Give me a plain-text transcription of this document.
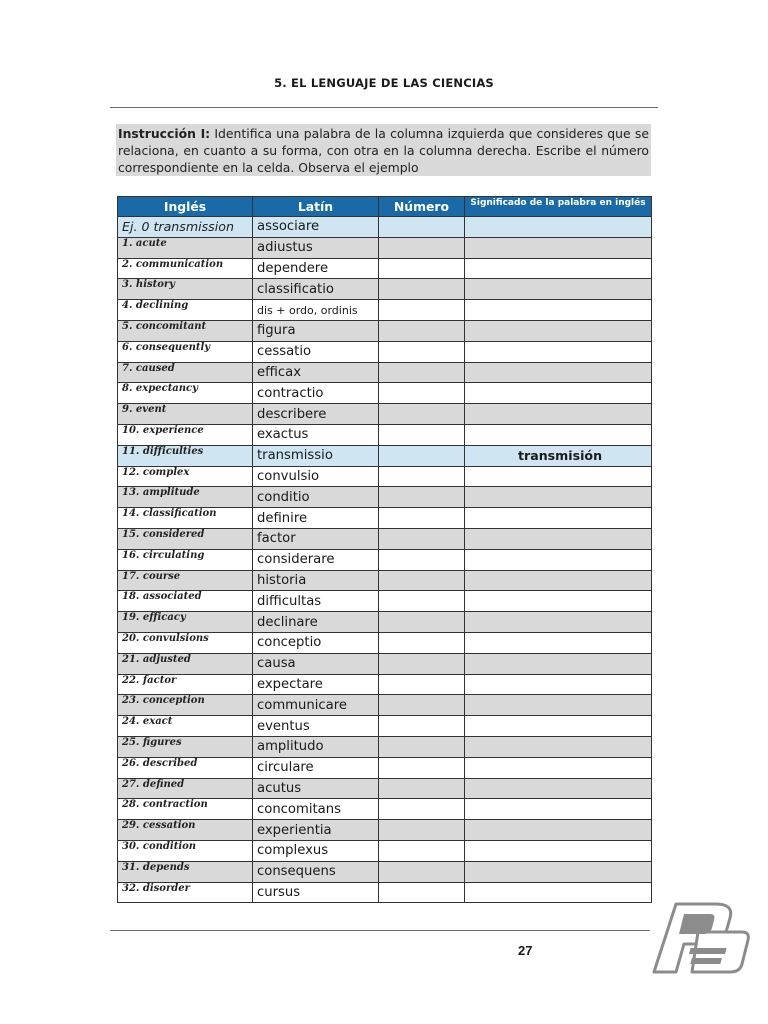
5. EL LENGUAJE DE LAS CIENCIAS
Instrucción I: Identifica una palabra de la columna izquierda que consideres que se relaciona, en cuanto a su forma, con otra en la columna derecha. Escribe el número correspondiente en la celda. Observa el ejemplo
Inglés	Latín	Número	Significado de la palabra en inglés
Ej. 0 transmission	associare		
1. acute	adiustus		
2. communication	dependere		
3. history	classificatio		
4. declining	dis + ordo, ordinis		
5. concomitant	figura		
6. consequently	cessatio		
7. caused	efficax		
8. expectancy	contractio		
9. event	describere		
10. experience	exactus		
11. difficulties	transmissio		transmisión
12. complex	convulsio		
13. amplitude	conditio		
14. classification	definire		
15. considered	factor		
16. circulating	considerare		
17. course	historia		
18. associated	difficultas		
19. efficacy	declinare		
20. convulsions	conceptio		
21. adjusted	causa		
22. factor	expectare		
23. conception	communicare		
24. exact	eventus		
25. figures	amplitudo		
26. described	circulare		
27. defined	acutus		
28. contraction	concomitans		
29. cessation	experientia		
30. condition	complexus		
31. depends	consequens		
32. disorder	cursus		
27
